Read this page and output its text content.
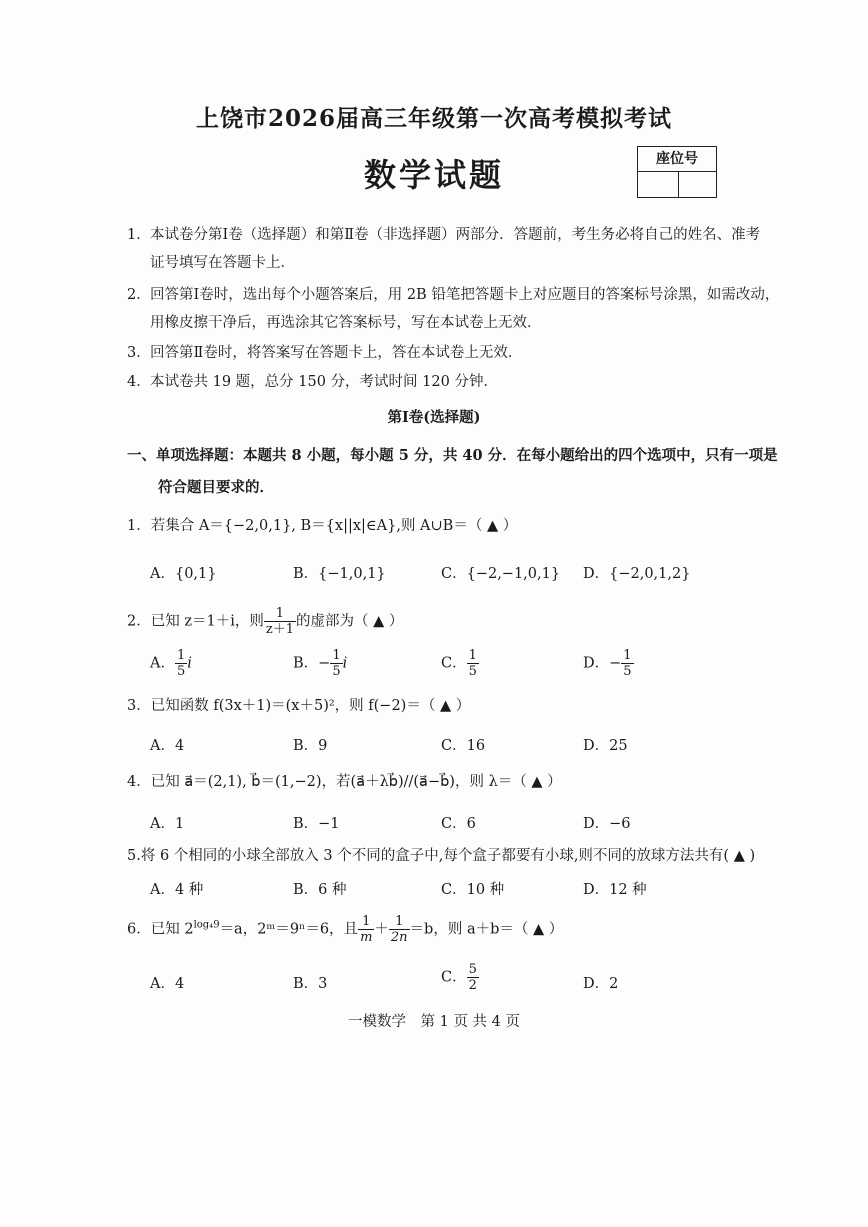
上饶市2026届高三年级第一次高考模拟考试
数学试题	座位号
1． 本试卷分第Ⅰ卷（选择题）和第Ⅱ卷（非选择题）两部分．答题前，考生务必将自己的姓名、准考
证号填写在答题卡上．
2． 回答第Ⅰ卷时，选出每个小题答案后，用 2B 铅笔把答题卡上对应题目的答案标号涂黑，如需改动，
用橡皮擦干净后，再选涂其它答案标号，写在本试卷上无效．
3． 回答第Ⅱ卷时，将答案写在答题卡上，答在本试卷上无效．
4． 本试卷共 19 题，总分 150 分，考试时间 120 分钟．
第Ⅰ卷(选择题)
一、单项选择题：本题共 8 小题，每小题 5 分，共 40 分．在每小题给出的四个选项中，只有一项是
符合题目要求的．
1．若集合 A＝{−2,0,1}, B＝{x||x|∈A},则 A∪B＝（ ▲ ）
A．{0,1}	B．{−1,0,1}	C．{−2,−1,0,1} D．{−2,0,1,2}
2．已知 z＝1＋i，则 $\frac{1}{z+1}$ 的虚部为（ ▲ ）
A． $\frac{1}{5}$ i	B．− $\frac{1}{5}$ i	C． $\frac{1}{5}$	D．− $\frac{1}{5}$
3．已知函数 f(3x＋1)＝(x＋5)²，则 f(−2)＝（ ▲ ）
A．4	B．9	C．16	D．25
4．已知 a⃗＝(2,1), b⃗＝(1,−2)，若(a⃗＋λb⃗)//(a⃗−b⃗)，则 λ＝（ ▲ ）
A．1	B．−1	C．6	D．−6
5.将 6 个相同的小球全部放入 3 个不同的盒子中,每个盒子都要有小球,则不同的放球方法共有( ▲ )
A．4 种	B．6 种	C．10 种	D．12 种
6．已知 $2^{log_49}=a$，2ᵐ＝9ⁿ＝6，且 $\frac{1}{m} + \frac{1}{2n} =b$，则 a＋b＝（ ▲ ）
A．4	B．3	C． $\frac{5}{2}$	D．2
一模数学　第 1 页 共 4 页
